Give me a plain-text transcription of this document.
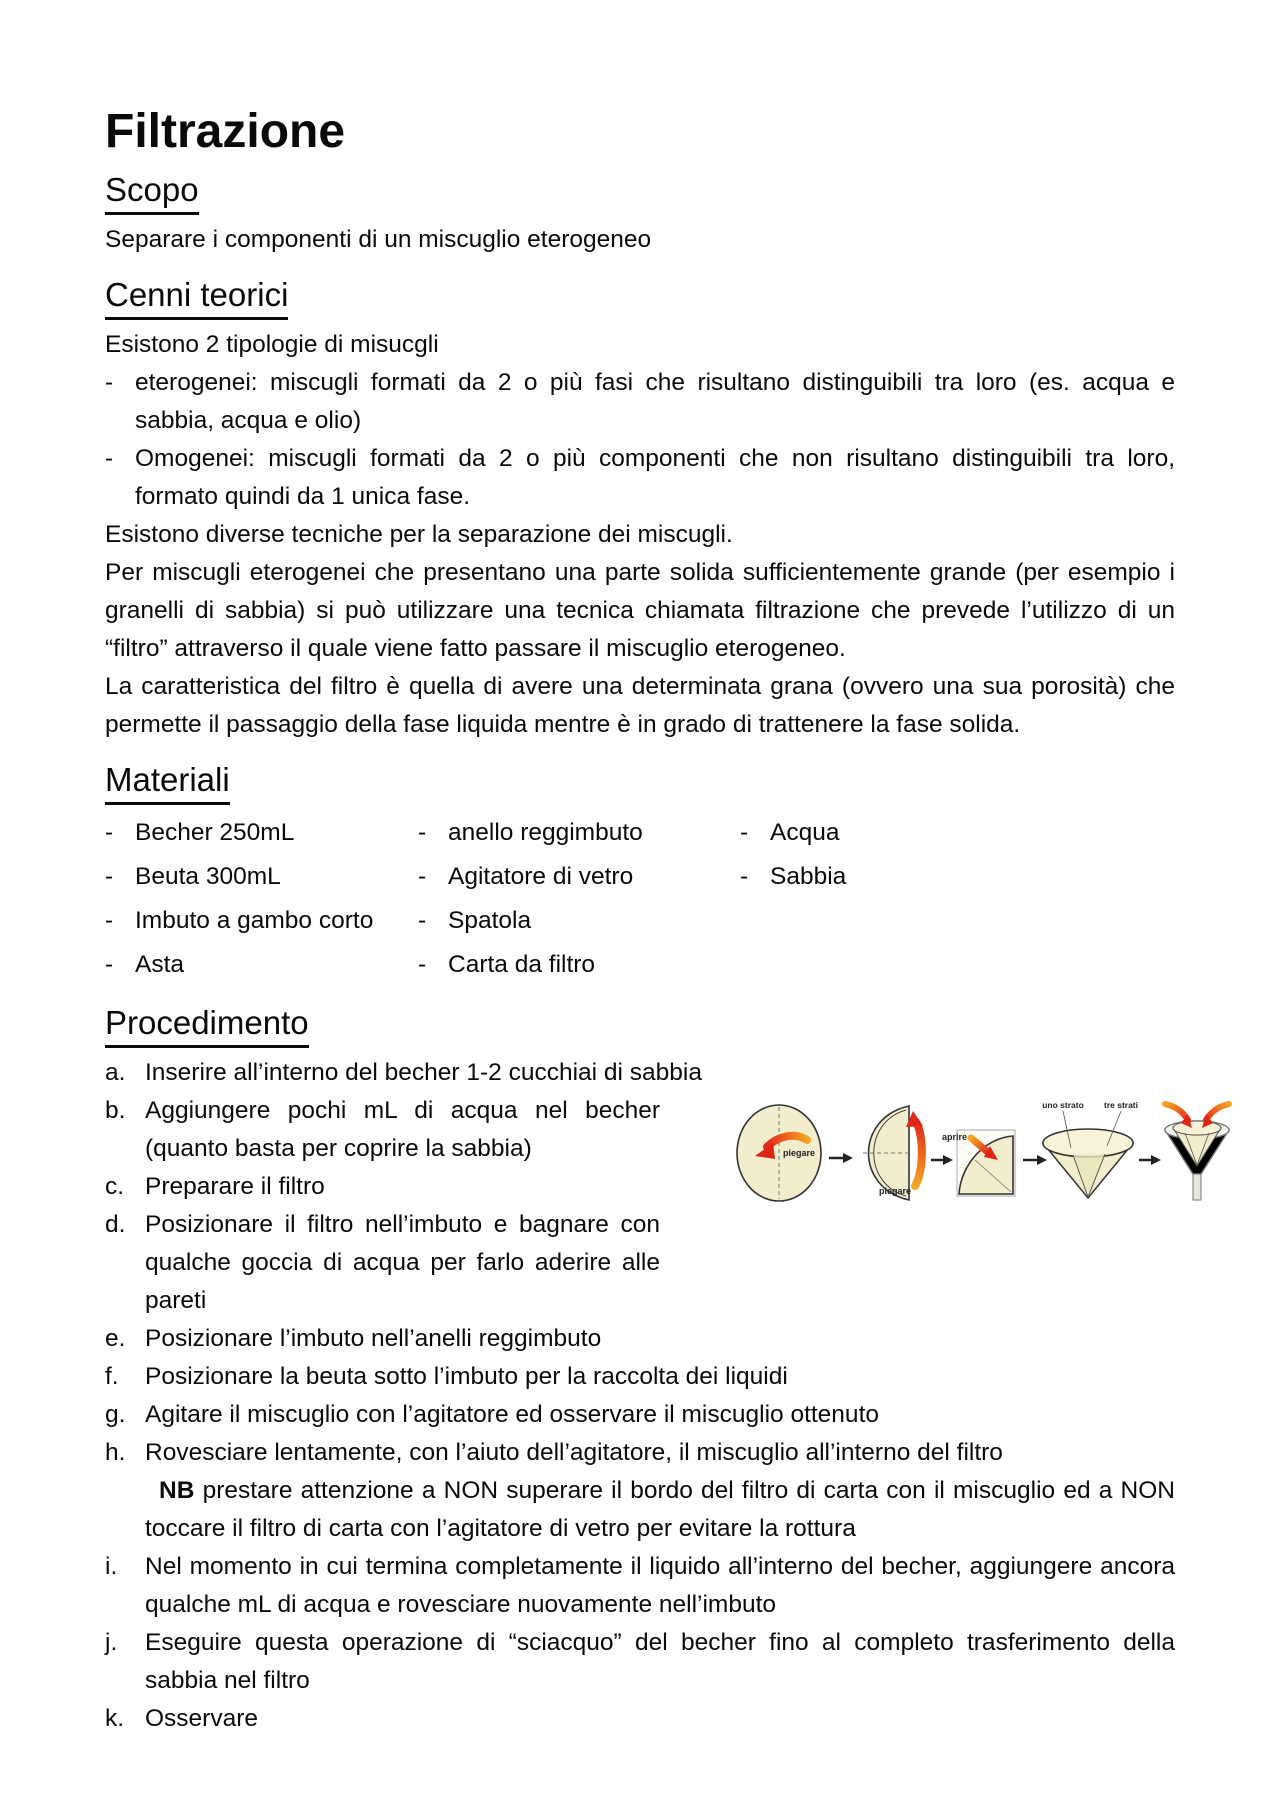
Filtrazione
Scopo
Separare i componenti di un miscuglio eterogeneo
Cenni teorici
Esistono 2 tipologie di misucgli
- eterogenei: miscugli formati da 2 o più fasi che risultano distinguibili tra loro (es. acqua e sabbia, acqua e olio)
- Omogenei: miscugli formati da 2 o più componenti che non risultano distinguibili tra loro, formato quindi da 1 unica fase.
Esistono diverse tecniche per la separazione dei miscugli.
Per miscugli eterogenei che presentano una parte solida sufficientemente grande (per esempio i granelli di sabbia) si può utilizzare una tecnica chiamata filtrazione che prevede l’utilizzo di un “filtro” attraverso il quale viene fatto passare il miscuglio eterogeneo.
La caratteristica del filtro è quella di avere una determinata grana (ovvero una sua porosità) che permette il passaggio della fase liquida mentre è in grado di trattenere la fase solida.
Materiali
- Becher 250mL
- Beuta 300mL
- Imbuto a gambo corto
- Asta
- anello reggimbuto
- Agitatore di vetro
- Spatola
- Carta da filtro
- Acqua
- Sabbia
Procedimento
a. Inserire all’interno del becher 1-2 cucchiai di sabbia
b. Aggiungere pochi mL di acqua nel becher (quanto basta per coprire la sabbia)
c. Preparare il filtro
d. Posizionare il filtro nell’imbuto e bagnare con qualche goccia di acqua per farlo aderire alle pareti
piegare
piegare
aprire
uno strato tre strati
e. Posizionare l’imbuto nell’anelli reggimbuto
f.	Posizionare la beuta sotto l’imbuto per la raccolta dei liquidi
g. Agitare il miscuglio con l’agitatore ed osservare il miscuglio ottenuto
h. Rovesciare lentamente, con l’aiuto dell’agitatore, il miscuglio all’interno del filtro
NB prestare attenzione a NON superare il bordo del filtro di carta con il miscuglio ed a NON toccare il filtro di carta con l’agitatore di vetro per evitare la rottura
i.	Nel momento in cui termina completamente il liquido all’interno del becher, aggiungere ancora qualche mL di acqua e rovesciare nuovamente nell’imbuto
j.	Eseguire questa operazione di “sciacquo” del becher fino al completo trasferimento della sabbia nel filtro
k. Osservare
